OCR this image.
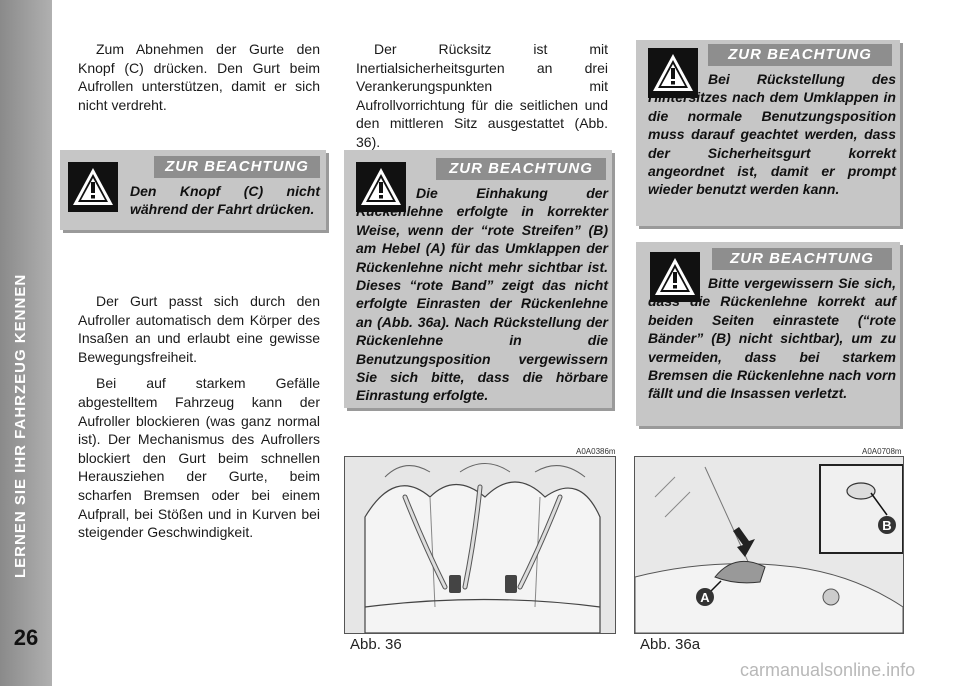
LERNEN SIE IHR FAHRZEUG KENNEN
26

Zum Abnehmen der Gurte den Knopf (C) drücken. Den Gurt beim Aufrollen unterstützen, damit er sich nicht verdreht.

ZUR BEACHTUNG
Den Knopf (C) nicht während der Fahrt drücken.

Der Gurt passt sich durch den Aufroller automatisch dem Körper des Insaßen an und erlaubt eine gewisse Bewegungsfreiheit.

Bei auf starkem Gefälle abgestelltem Fahrzeug kann der Aufroller blockieren (was ganz normal ist). Der Mechanismus des Aufrollers blockiert den Gurt beim schnellen Herausziehen der Gurte, beim scharfen Bremsen oder bei einem Aufprall, bei Stößen und in Kurven bei steigender Geschwindigkeit.

Der Rücksitz ist mit Inertialsicherheitsgurten an drei Verankerungspunkten mit Aufrollvorrichtung für die seitlichen und den mittleren Sitz ausgestattet (Abb. 36).

ZUR BEACHTUNG
Die Einhakung der Rückenlehne erfolgte in korrekter Weise, wenn der “rote Streifen” (B) am Hebel (A) für das Umklappen der Rückenlehne nicht mehr sichtbar ist. Dieses “rote Band” zeigt das nicht erfolgte Einrasten der Rückenlehne an (Abb. 36a). Nach Rückstellung der Rückenlehne in die Benutzungsposition vergewissern Sie sich bitte, dass die hörbare Einrastung erfolgte.
A0A0386m
Abb. 36
ZUR BEACHTUNG
Bei Rückstellung des Hintersitzes nach dem Umklappen in die normale Benutzungsposition muss darauf geachtet werden, dass der Sicherheitsgurt korrekt angeordnet ist, damit er prompt wieder benutzt werden kann.
ZUR BEACHTUNG
Bitte vergewissern Sie sich, dass die Rückenlehne korrekt auf beiden Seiten einrastete (“rote Bänder” (B) nicht sichtbar), um zu vermeiden, dass bei starkem Bremsen die Rückenlehne nach vorn fällt und die Insassen verletzt.
A0A0708m
B
A
Abb. 36a
carmanualsonline.info
